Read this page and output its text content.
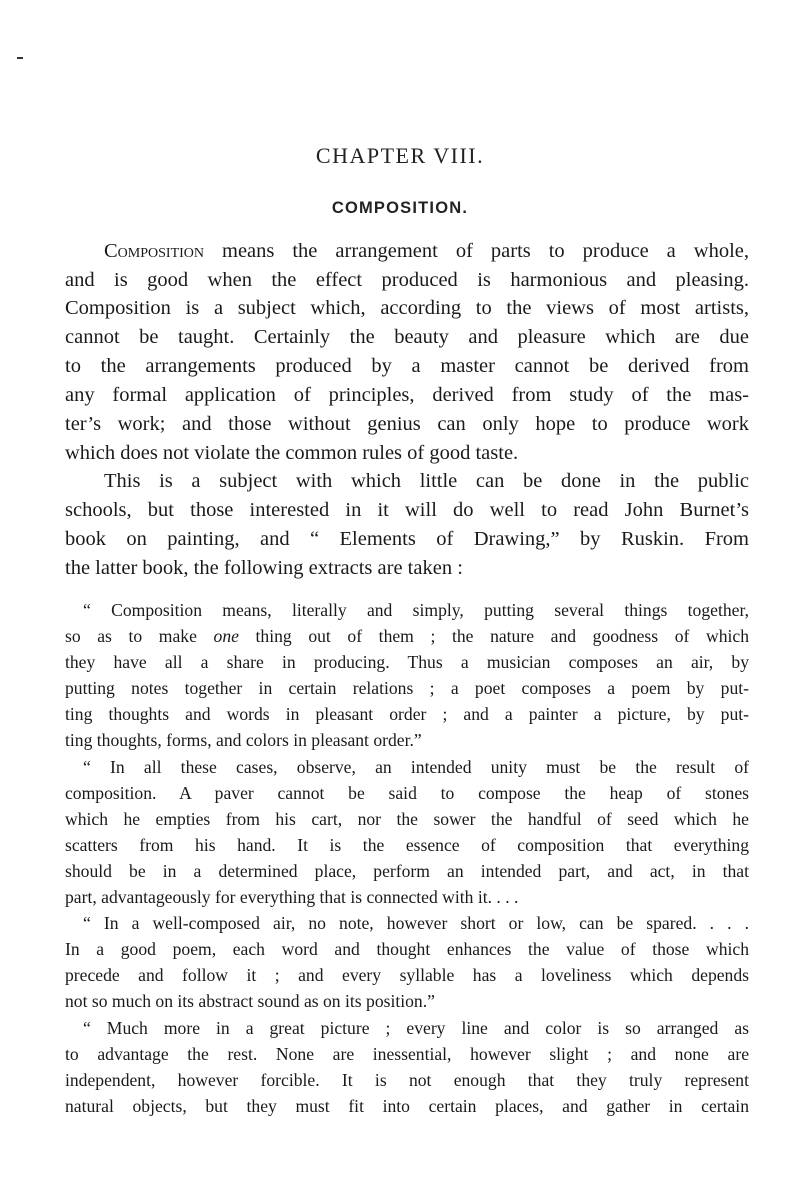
CHAPTER VIII.
COMPOSITION.
Composition means the arrangement of parts to produce a whole,
and is good when the effect produced is harmonious and pleasing.
Composition is a subject which, according to the views of most artists,
cannot be taught. Certainly the beauty and pleasure which are due
to the arrangements produced by a master cannot be derived from
any formal application of principles, derived from study of the mas-
ter’s work; and those without genius can only hope to produce work
which does not violate the common rules of good taste.
This is a subject with which little can be done in the public
schools, but those interested in it will do well to read John Burnet’s
book on painting, and “ Elements of Drawing,” by Ruskin. From
the latter book, the following extracts are taken :
“ Composition means, literally and simply, putting several things together,
so as to make one thing out of them ; the nature and goodness of which
they have all a share in producing. Thus a musician composes an air, by
putting notes together in certain relations ; a poet composes a poem by put-
ting thoughts and words in pleasant order ; and a painter a picture, by put-
ting thoughts, forms, and colors in pleasant order.”
“ In all these cases, observe, an intended unity must be the result of
composition. A paver cannot be said to compose the heap of stones
which he empties from his cart, nor the sower the handful of seed which he
scatters from his hand. It is the essence of composition that everything
should be in a determined place, perform an intended part, and act, in that
part, advantageously for everything that is connected with it. . . .
“ In a well-composed air, no note, however short or low, can be spared. . . .
In a good poem, each word and thought enhances the value of those which
precede and follow it ; and every syllable has a loveliness which depends
not so much on its abstract sound as on its position.”
“ Much more in a great picture ; every line and color is so arranged as
to advantage the rest. None are inessential, however slight ; and none are
independent, however forcible. It is not enough that they truly represent
natural objects, but they must fit into certain places, and gather in certain
